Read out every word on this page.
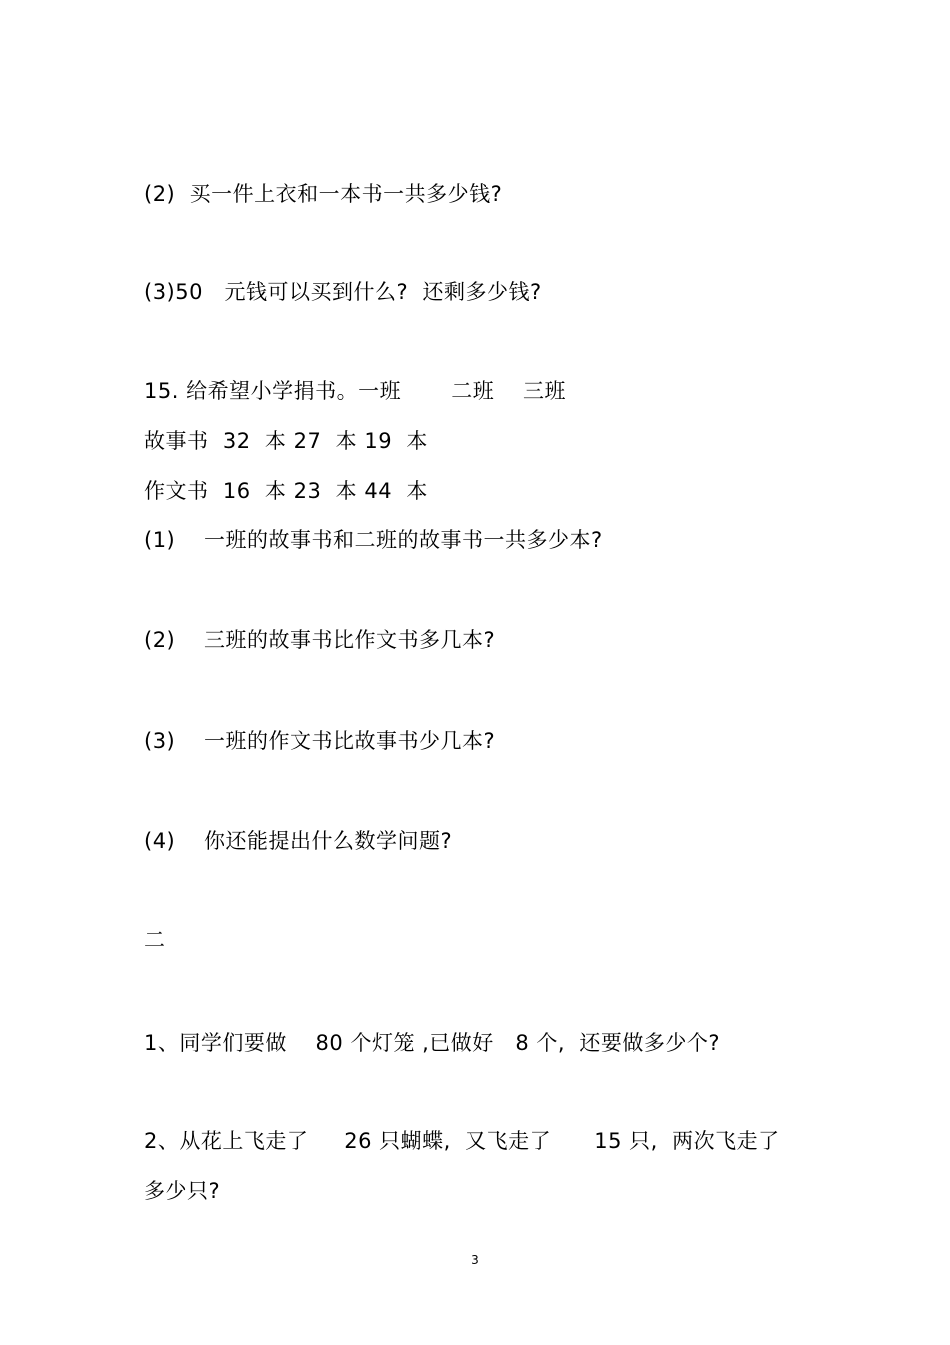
(2)  买一件上衣和一本书一共多少钱?
(3)50   元钱可以买到什么?  还剩多少钱?
15. 给希望小学捐书。一班       二班    三班
故事书  32  本 27  本 19  本
作文书  16  本 23  本 44  本
(1)    一班的故事书和二班的故事书一共多少本?
(2)    三班的故事书比作文书多几本?
(3)    一班的作文书比故事书少几本?
(4)    你还能提出什么数学问题?
二
1、同学们要做    80 个灯笼 ,已做好   8 个,  还要做多少个?
2、从花上飞走了     26 只蝴蝶,  又飞走了      15 只,  两次飞走了
多少只?
3
